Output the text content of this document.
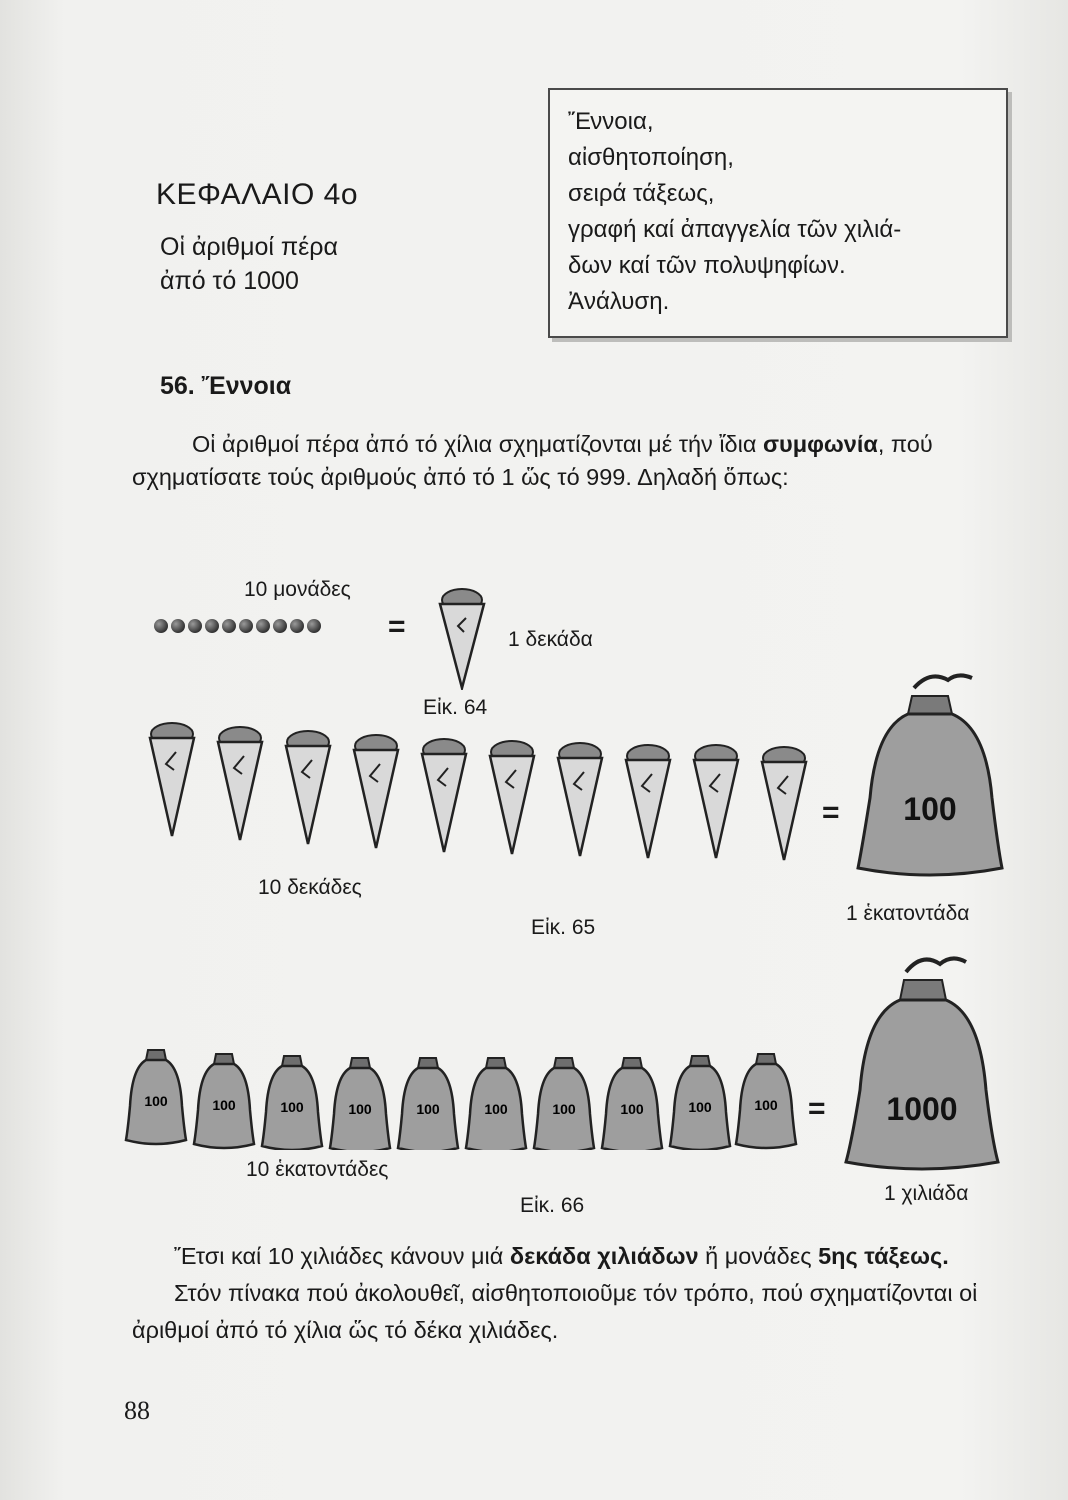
ΚΕΦΑΛΑΙΟ 4ο
Οἱ ἀριθμοί πέρα
ἀπό τό 1000
Ἔννοια,
αἰσθητοποίηση,
σειρά τάξεως,
γραφή καί ἀπαγγελία τῶν χιλιά-
δων καί τῶν πολυψηφίων.
Ἀνάλυση.
56. Ἔννοια
Οἱ ἀριθμοί πέρα ἀπό τό χίλια σχηματίζονται μέ τήν ἴδια συμφωνία, πού σχηματίσατε τούς ἀριθμούς ἀπό τό 1 ὥς τό 999. Δηλαδή ὅπως:
10 μονάδες
=	1 δεκάδα
Εἰκ. 64
= 100
10 δεκάδες
1 ἑκατοντάδα
Εἰκ. 65
100	100	100	100	100	100	100	100	100	100 = 1000
10 ἑκατοντάδες
1 χιλιάδα
Εἰκ. 66
Ἔτσι καί 10 χιλιάδες κάνουν μιά δεκάδα χιλιάδων ἤ μονάδες 5ης τάξεως.
Στόν πίνακα πού ἀκολουθεῖ, αἰσθητοποιοῦμε τόν τρόπο, πού σχηματίζονται οἱ ἀριθμοί ἀπό τό χίλια ὥς τό δέκα χιλιάδες.
88
